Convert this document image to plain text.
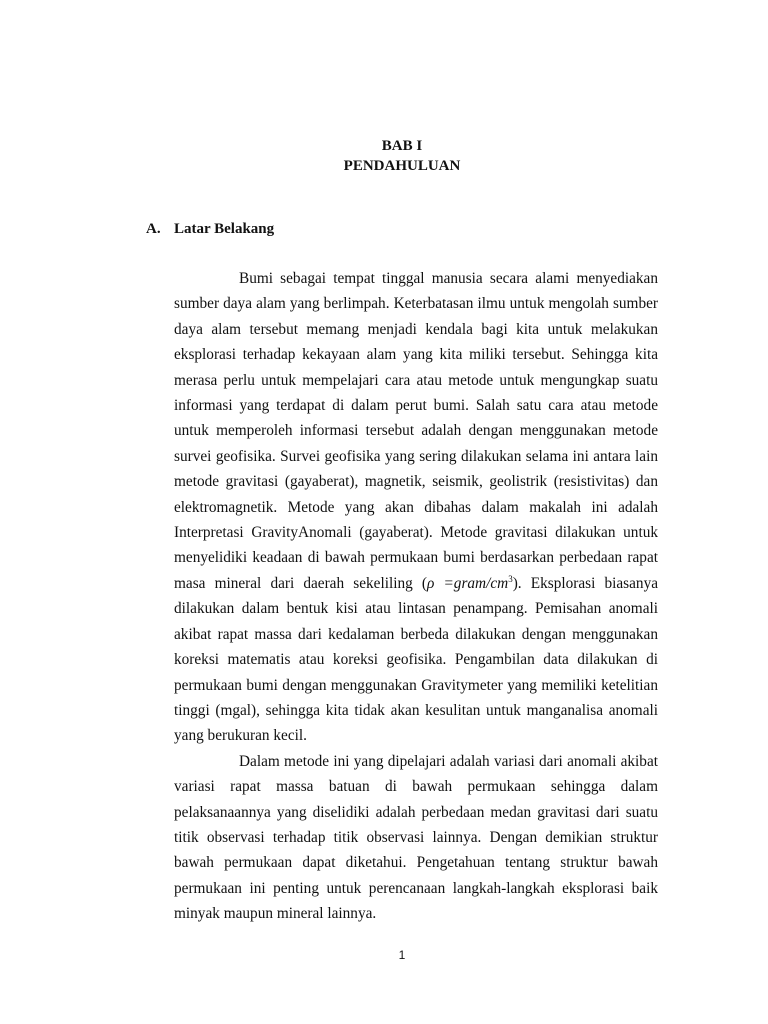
BAB I
PENDAHULUAN
A. Latar Belakang

Bumi sebagai tempat tinggal manusia secara alami menyediakan sumber daya alam yang berlimpah. Keterbatasan ilmu untuk mengolah sumber daya alam tersebut memang menjadi kendala bagi kita untuk melakukan eksplorasi terhadap kekayaan alam yang kita miliki tersebut. Sehingga kita merasa perlu untuk mempelajari cara atau metode untuk mengungkap suatu informasi yang terdapat di dalam perut bumi. Salah satu cara atau metode untuk memperoleh informasi tersebut adalah dengan menggunakan metode survei geofisika. Survei geofisika yang sering dilakukan selama ini antara lain metode gravitasi (gayaberat), magnetik, seismik, geolistrik (resistivitas) dan elektromagnetik. Metode yang akan dibahas dalam makalah ini adalah Interpretasi GravityAnomali (gayaberat). Metode gravitasi dilakukan untuk menyelidiki keadaan di bawah permukaan bumi berdasarkan perbedaan rapat masa mineral dari daerah sekeliling $(\rho =gram/cm^3)$. Eksplorasi biasanya dilakukan dalam bentuk kisi atau lintasan penampang. Pemisahan anomali akibat rapat massa dari kedalaman berbeda dilakukan dengan menggunakan koreksi matematis atau koreksi geofisika. Pengambilan data dilakukan di permukaan bumi dengan menggunakan Gravitymeter yang memiliki ketelitian tinggi (mgal), sehingga kita tidak akan kesulitan untuk manganalisa anomali yang berukuran kecil.

Dalam metode ini yang dipelajari adalah variasi dari anomali akibat variasi rapat massa batuan di bawah permukaan sehingga dalam pelaksanaannya yang diselidiki adalah perbedaan medan gravitasi dari suatu titik observasi terhadap titik observasi lainnya. Dengan demikian struktur bawah permukaan dapat diketahui. Pengetahuan tentang struktur bawah permukaan ini penting untuk perencanaan langkah-langkah eksplorasi baik minyak maupun mineral lainnya.

1
